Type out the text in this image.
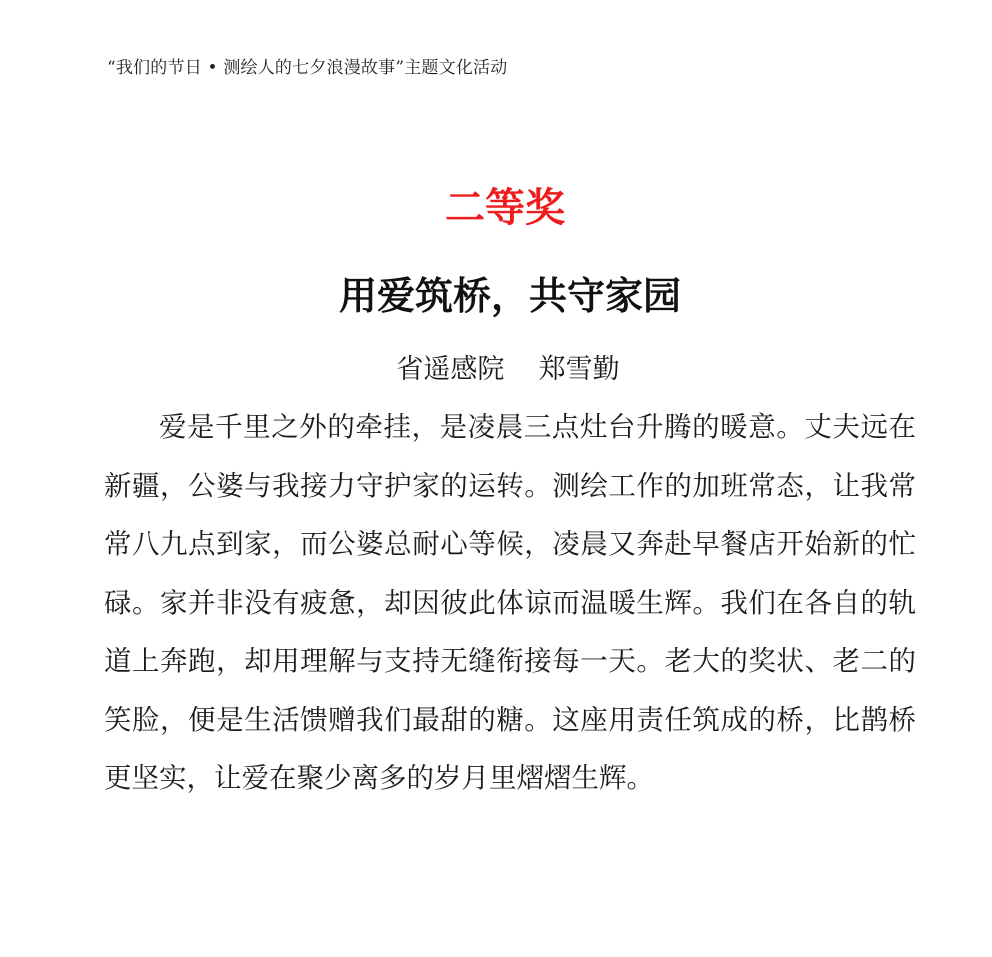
“我们的节日 • 测绘人的七夕浪漫故事”主题文化活动
二等奖
用爱筑桥，共守家园
省遥感院    郑雪勤

爱是千里之外的牵挂，是凌晨三点灶台升腾的暖意。丈夫远在新疆，公婆与我接力守护家的运转。测绘工作的加班常态，让我常常八九点到家，而公婆总耐心等候，凌晨又奔赴早餐店开始新的忙碌。家并非没有疲惫，却因彼此体谅而温暖生辉。我们在各自的轨道上奔跑，却用理解与支持无缝衔接每一天。老大的奖状、老二的笑脸，便是生活馈赠我们最甜的糖。这座用责任筑成的桥，比鹊桥更坚实，让爱在聚少离多的岁月里熠熠生辉。
